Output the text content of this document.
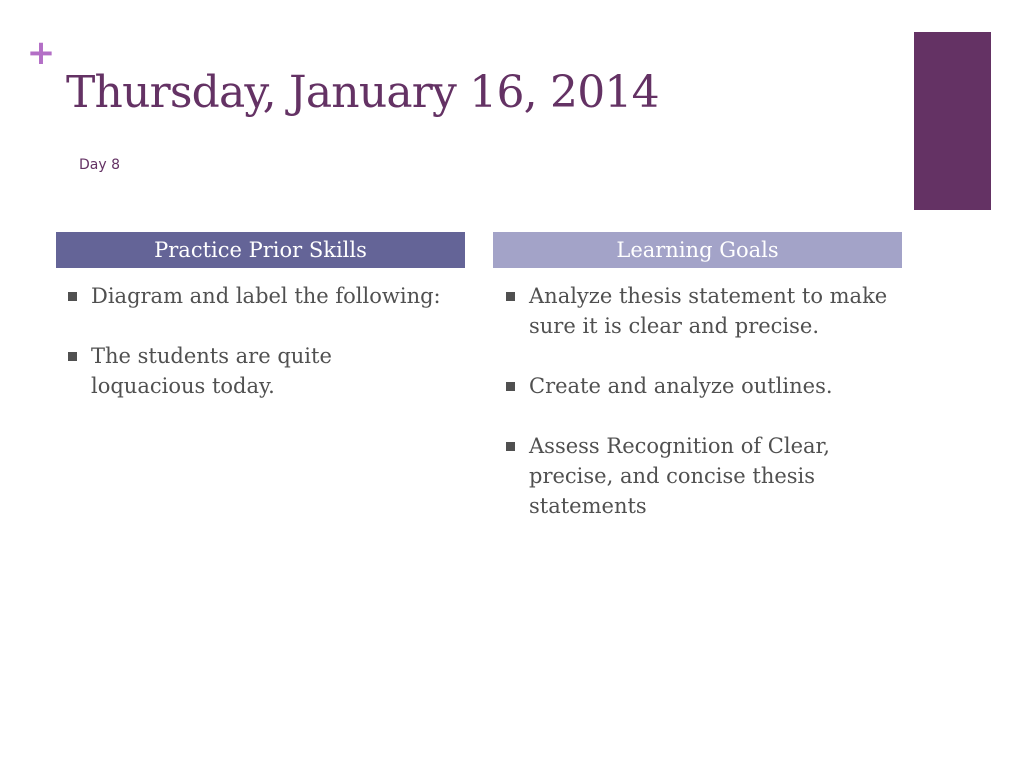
+
Thursday, January 16, 2014
Day 8
Practice Prior Skills	Learning Goals
Diagram and label the following:
The students are quite loquacious today.
Analyze thesis statement to make sure it is clear and precise.
Create and analyze outlines.
Assess Recognition of Clear, precise, and concise thesis statements
